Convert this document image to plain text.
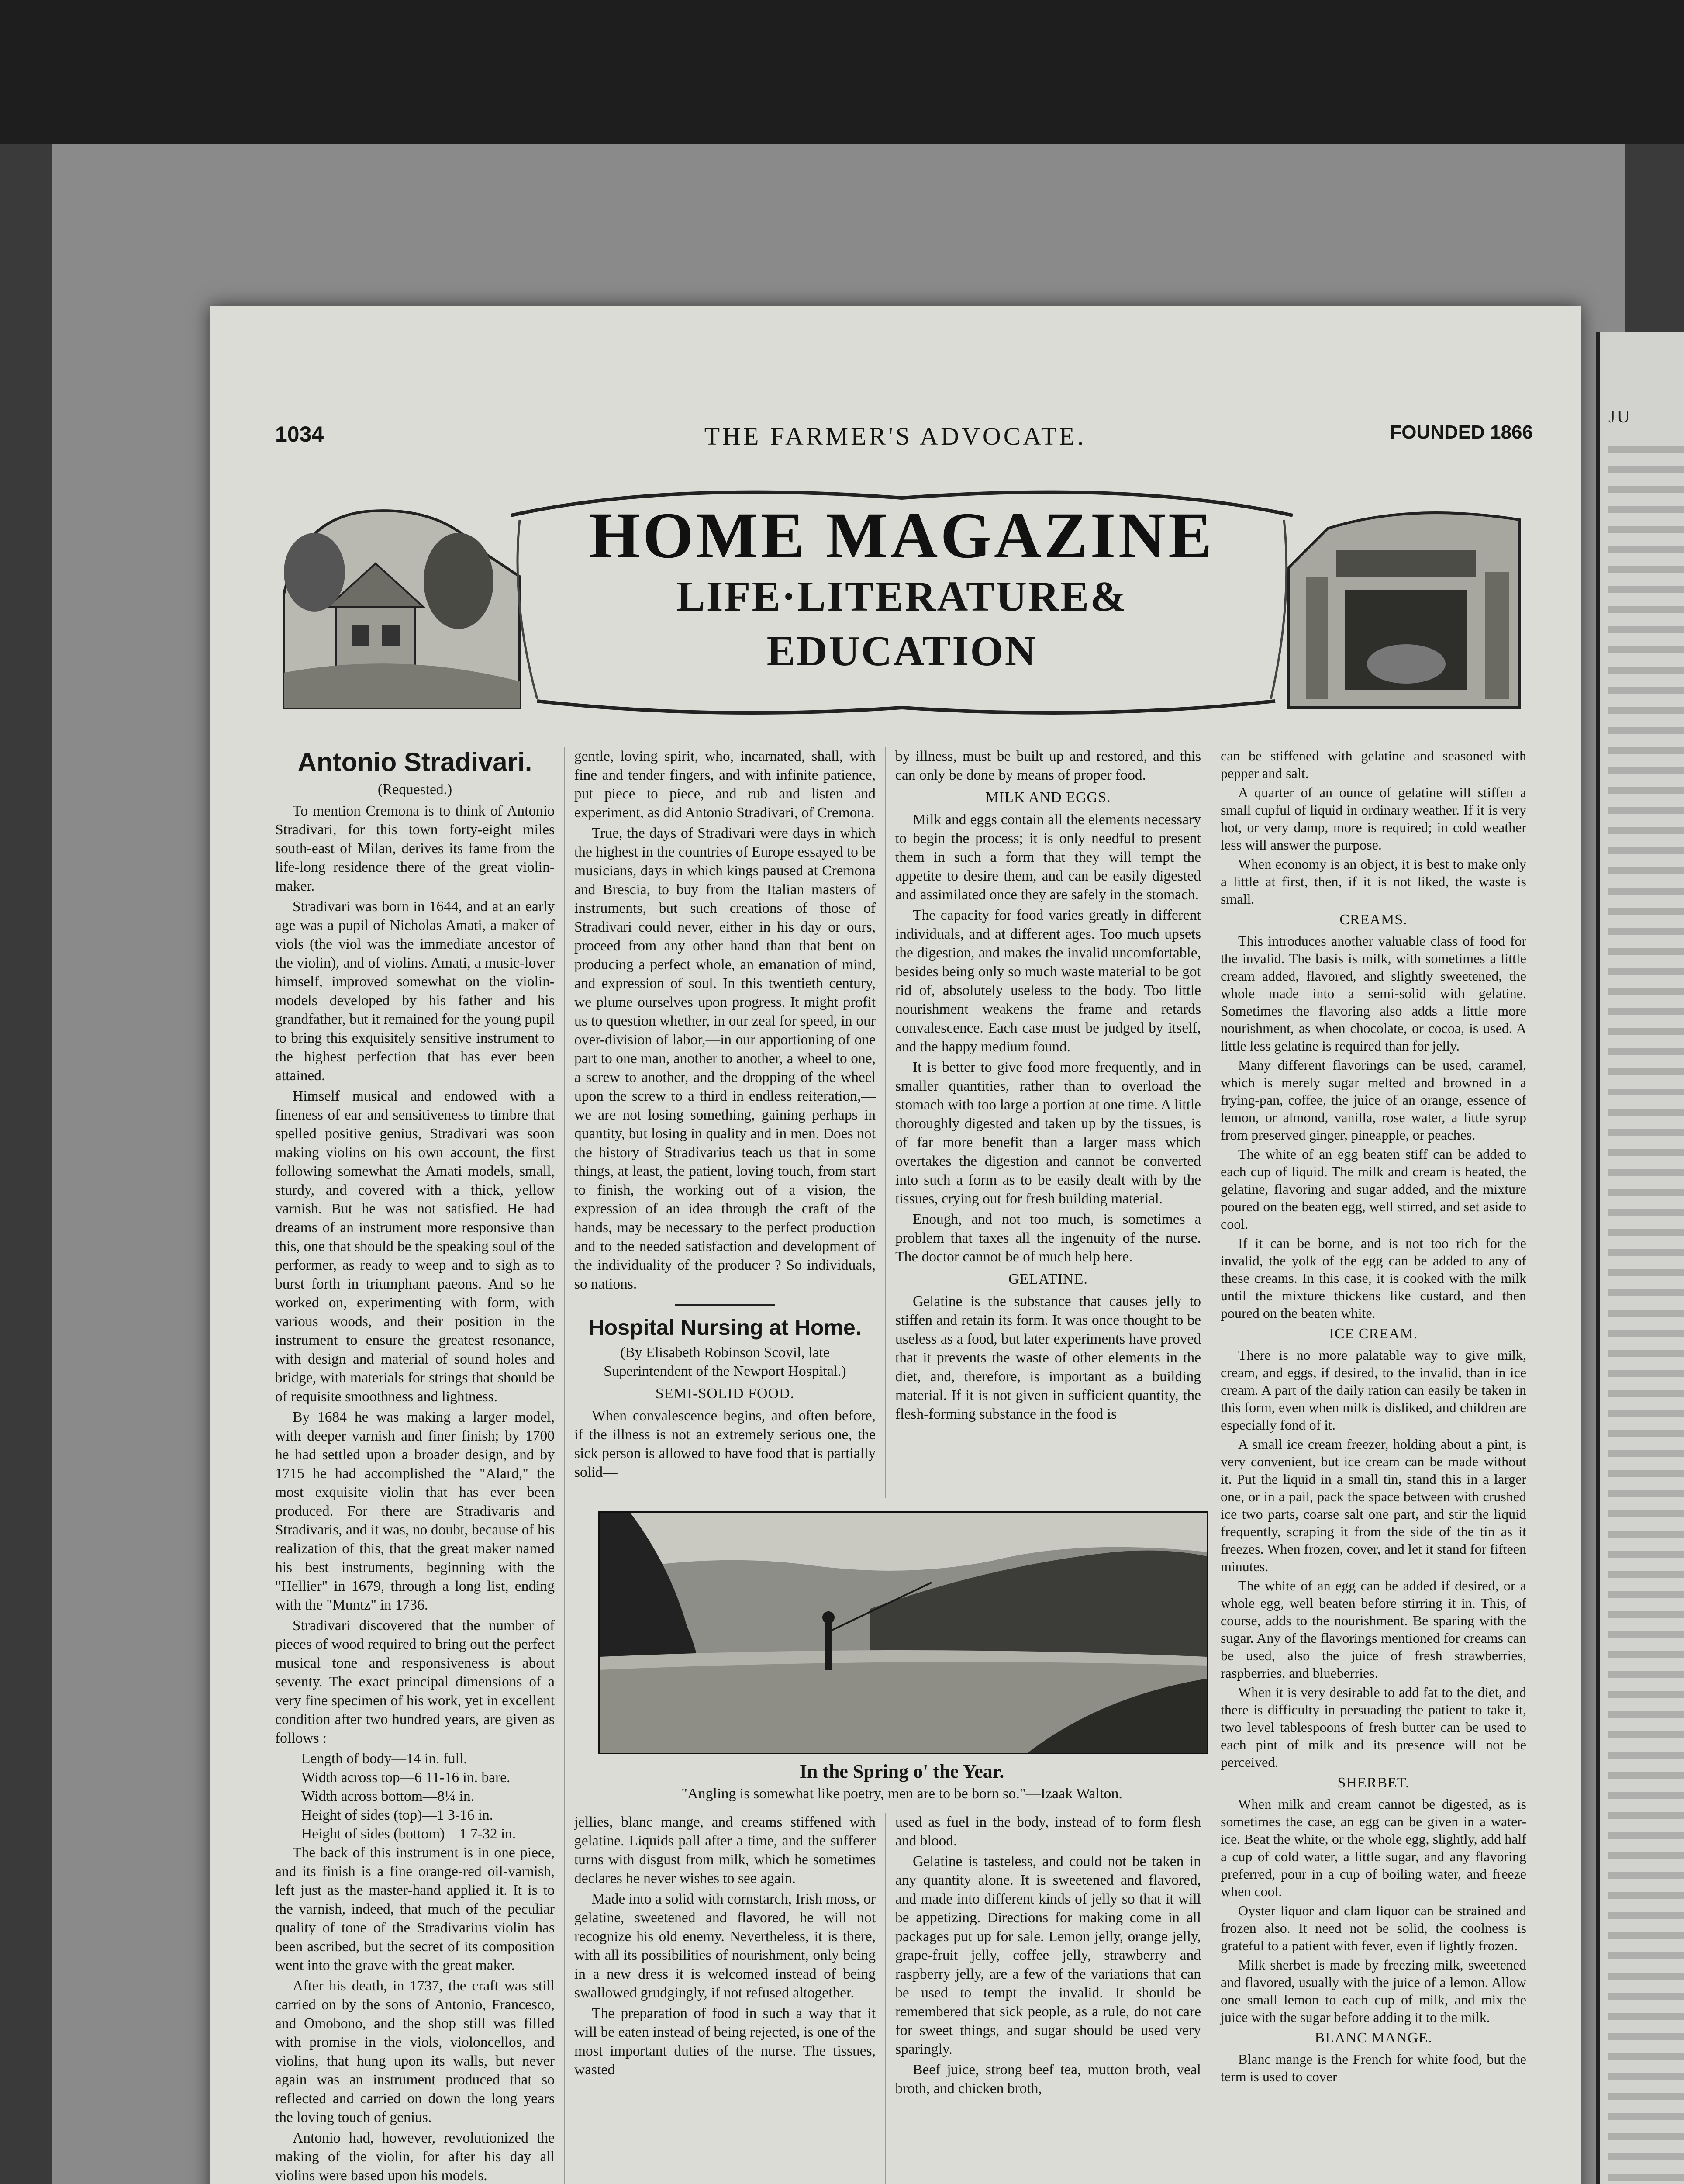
JU
1034	THE FARMER'S ADVOCATE.	FOUNDED 1866
HOME MAGAZINE
LIFE·LITERATURE&
EDUCATION
Antonio Stradivari.
(Requested.)

To mention Cremona is to think of Antonio Stradivari, for this town forty-eight miles south-east of Milan, derives its fame from the life-long residence there of the great violin-maker.

Stradivari was born in 1644, and at an early age was a pupil of Nicholas Amati, a maker of viols (the viol was the immediate ancestor of the violin), and of violins. Amati, a music-lover himself, improved somewhat on the violin-models developed by his father and his grandfather, but it remained for the young pupil to bring this exquisitely sensitive instrument to the highest perfection that has ever been attained.

Himself musical and endowed with a fineness of ear and sensitiveness to timbre that spelled positive genius, Stradivari was soon making violins on his own account, the first following somewhat the Amati models, small, sturdy, and covered with a thick, yellow varnish. But he was not satisfied. He had dreams of an instrument more responsive than this, one that should be the speaking soul of the performer, as ready to weep and to sigh as to burst forth in triumphant paeons. And so he worked on, experimenting with form, with various woods, and their position in the instrument to ensure the greatest resonance, with design and material of sound holes and bridge, with materials for strings that should be of requisite smoothness and lightness.

By 1684 he was making a larger model, with deeper varnish and finer finish; by 1700 he had settled upon a broader design, and by 1715 he had accomplished the "Alard," the most exquisite violin that has ever been produced. For there are Stradivaris and Stradivaris, and it was, no doubt, because of his realization of this, that the great maker named his best instruments, beginning with the "Hellier" in 1679, through a long list, ending with the "Muntz" in 1736.

Stradivari discovered that the number of pieces of wood required to bring out the perfect musical tone and responsiveness is about seventy. The exact principal dimensions of a very fine specimen of his work, yet in excellent condition after two hundred years, are given as follows :

Length of body—14 in. full.

Width across top—6 11-16 in. bare.

Width across bottom—8¼ in.

Height of sides (top)—1 3-16 in.

Height of sides (bottom)—1 7-32 in.

The back of this instrument is in one piece, and its finish is a fine orange-red oil-varnish, left just as the master-hand applied it. It is to the varnish, indeed, that much of the peculiar quality of tone of the Stradivarius violin has been ascribed, but the secret of its composition went into the grave with the great maker.

After his death, in 1737, the craft was still carried on by the sons of Antonio, Francesco, and Omobono, and the shop still was filled with promise in the viols, violoncellos, and violins, that hung upon its walls, but never again was an instrument produced that so reflected and carried on down the long years the loving touch of genius.

Antonio had, however, revolutionized the making of the violin, for after his day all violins were based upon his models.

gentle, loving spirit, who, incarnated, shall, with fine and tender fingers, and with infinite patience, put piece to piece, and rub and listen and experiment, as did Antonio Stradivari, of Cremona.

True, the days of Stradivari were days in which the highest in the countries of Europe essayed to be musicians, days in which kings paused at Cremona and Brescia, to buy from the Italian masters of instruments, but such creations of those of Stradivari could never, either in his day or ours, proceed from any other hand than that bent on producing a perfect whole, an emanation of mind, and expression of soul. In this twentieth century, we plume ourselves upon progress. It might profit us to question whether, in our zeal for speed, in our over-division of labor,—in our apportioning of one part to one man, another to another, a wheel to one, a screw to another, and the dropping of the wheel upon the screw to a third in endless reiteration,—we are not losing something, gaining perhaps in quantity, but losing in quality and in men. Does not the history of Stradivarius teach us that in some things, at least, the patient, loving touch, from start to finish, the working out of a vision, the expression of an idea through the craft of the hands, may be necessary to the perfect production and to the needed satisfaction and development of the individuality of the producer ? So individuals, so nations.

Hospital Nursing at Home.
(By Elisabeth Robinson Scovil, late Superintendent of the Newport Hospital.)
SEMI-SOLID FOOD.

When convalescence begins, and often before, if the illness is not an extremely serious one, the sick person is allowed to have food that is partially solid—

by illness, must be built up and restored, and this can only be done by means of proper food.

MILK AND EGGS.

Milk and eggs contain all the elements necessary to begin the process; it is only needful to present them in such a form that they will tempt the appetite to desire them, and can be easily digested and assimilated once they are safely in the stomach.

The capacity for food varies greatly in different individuals, and at different ages. Too much upsets the digestion, and makes the invalid uncomfortable, besides being only so much waste material to be got rid of, absolutely useless to the body. Too little nourishment weakens the frame and retards convalescence. Each case must be judged by itself, and the happy medium found.

It is better to give food more frequently, and in smaller quantities, rather than to overload the stomach with too large a portion at one time. A little thoroughly digested and taken up by the tissues, is of far more benefit than a larger mass which overtakes the digestion and cannot be converted into such a form as to be easily dealt with by the tissues, crying out for fresh building material.

Enough, and not too much, is sometimes a problem that taxes all the ingenuity of the nurse. The doctor cannot be of much help here.

GELATINE.

Gelatine is the substance that causes jelly to stiffen and retain its form. It was once thought to be useless as a food, but later experiments have proved that it prevents the waste of other elements in the diet, and, therefore, is important as a building material. If it is not given in sufficient quantity, the flesh-forming substance in the food is

In the Spring o' the Year.
"Angling is somewhat like poetry, men are to be born so."—Izaak Walton.

jellies, blanc mange, and creams stiffened with gelatine. Liquids pall after a time, and the sufferer turns with disgust from milk, which he sometimes declares he never wishes to see again.

Made into a solid with cornstarch, Irish moss, or gelatine, sweetened and flavored, he will not recognize his old enemy. Nevertheless, it is there, with all its possibilities of nourishment, only being in a new dress it is welcomed instead of being swallowed grudgingly, if not refused altogether.

The preparation of food in such a way that it will be eaten instead of being rejected, is one of the most important duties of the nurse. The tissues, wasted

used as fuel in the body, instead of to form flesh and blood.

Gelatine is tasteless, and could not be taken in any quantity alone. It is sweetened and flavored, and made into different kinds of jelly so that it will be appetizing. Directions for making come in all packages put up for sale. Lemon jelly, orange jelly, grape-fruit jelly, coffee jelly, strawberry and raspberry jelly, are a few of the variations that can be used to tempt the invalid. It should be remembered that sick people, as a rule, do not care for sweet things, and sugar should be used very sparingly.

Beef juice, strong beef tea, mutton broth, veal broth, and chicken broth,

can be stiffened with gelatine and seasoned with pepper and salt.

A quarter of an ounce of gelatine will stiffen a small cupful of liquid in ordinary weather. If it is very hot, or very damp, more is required; in cold weather less will answer the purpose.

When economy is an object, it is best to make only a little at first, then, if it is not liked, the waste is small.

CREAMS.

This introduces another valuable class of food for the invalid. The basis is milk, with sometimes a little cream added, flavored, and slightly sweetened, the whole made into a semi-solid with gelatine. Sometimes the flavoring also adds a little more nourishment, as when chocolate, or cocoa, is used. A little less gelatine is required than for jelly.

Many different flavorings can be used, caramel, which is merely sugar melted and browned in a frying-pan, coffee, the juice of an orange, essence of lemon, or almond, vanilla, rose water, a little syrup from preserved ginger, pineapple, or peaches.

The white of an egg beaten stiff can be added to each cup of liquid. The milk and cream is heated, the gelatine, flavoring and sugar added, and the mixture poured on the beaten egg, well stirred, and set aside to cool.

If it can be borne, and is not too rich for the invalid, the yolk of the egg can be added to any of these creams. In this case, it is cooked with the milk until the mixture thickens like custard, and then poured on the beaten white.

ICE CREAM.

There is no more palatable way to give milk, cream, and eggs, if desired, to the invalid, than in ice cream. A part of the daily ration can easily be taken in this form, even when milk is disliked, and children are especially fond of it.

A small ice cream freezer, holding about a pint, is very convenient, but ice cream can be made without it. Put the liquid in a small tin, stand this in a larger one, or in a pail, pack the space between with crushed ice two parts, coarse salt one part, and stir the liquid frequently, scraping it from the side of the tin as it freezes. When frozen, cover, and let it stand for fifteen minutes.

The white of an egg can be added if desired, or a whole egg, well beaten before stirring it in. This, of course, adds to the nourishment. Be sparing with the sugar. Any of the flavorings mentioned for creams can be used, also the juice of fresh strawberries, raspberries, and blueberries.

When it is very desirable to add fat to the diet, and there is difficulty in persuading the patient to take it, two level tablespoons of fresh butter can be used to each pint of milk and its presence will not be perceived.

SHERBET.

When milk and cream cannot be digested, as is sometimes the case, an egg can be given in a water-ice. Beat the white, or the whole egg, slightly, add half a cup of cold water, a little sugar, and any flavoring preferred, pour in a cup of boiling water, and freeze when cool.

Oyster liquor and clam liquor can be strained and frozen also. It need not be solid, the coolness is grateful to a patient with fever, even if lightly frozen.

Milk sherbet is made by freezing milk, sweetened and flavored, usually with the juice of a lemon. Allow one small lemon to each cup of milk, and mix the juice with the sugar before adding it to the milk.

BLANC MANGE.

Blanc mange is the French for white food, but the term is used to cover
